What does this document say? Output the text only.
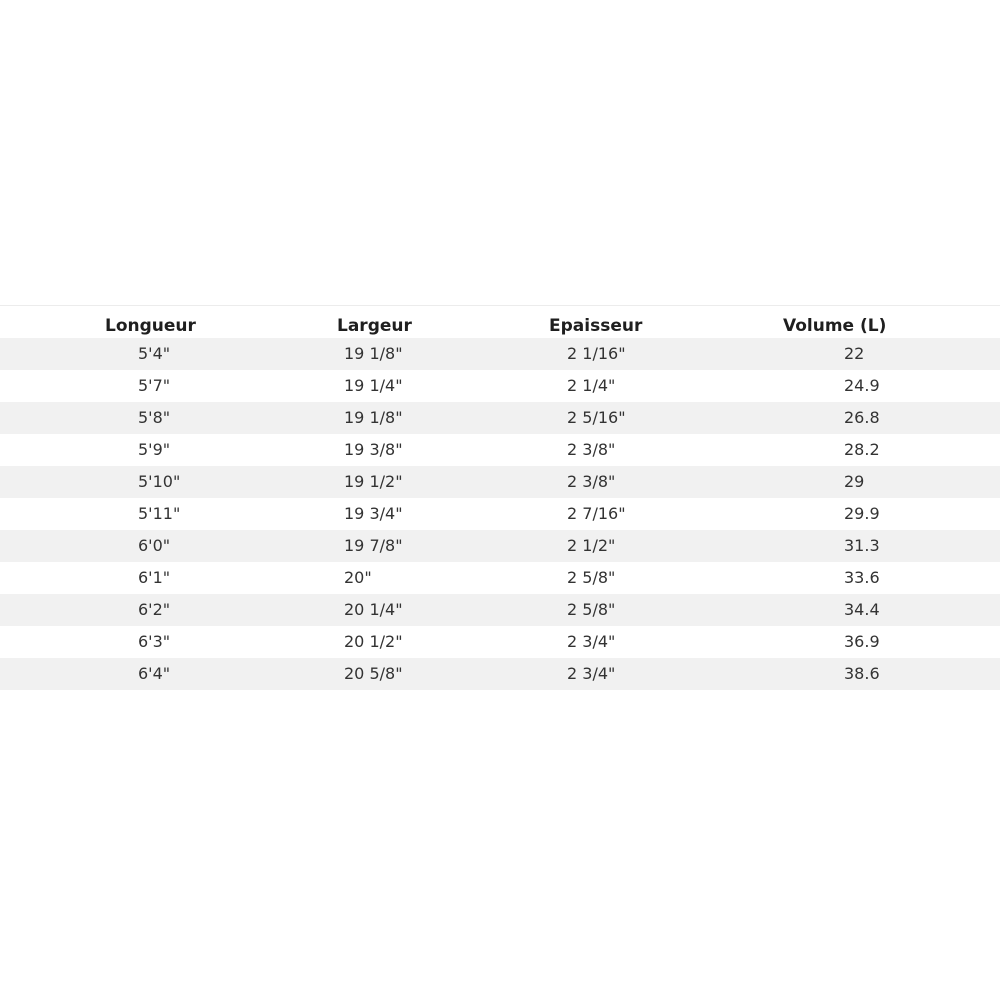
Longueur	Largeur	Epaisseur	Volume (L)
5'4"	19 1/8"	2 1/16"	22
5'7"	19 1/4"	2 1/4"	24.9
5'8"	19 1/8"	2 5/16"	26.8
5'9"	19 3/8"	2 3/8"	28.2
5'10"	19 1/2"	2 3/8"	29
5'11"	19 3/4"	2 7/16"	29.9
6'0"	19 7/8"	2 1/2"	31.3
6'1"	20"	2 5/8"	33.6
6'2"	20 1/4"	2 5/8"	34.4
6'3"	20 1/2"	2 3/4"	36.9
6'4"	20 5/8"	2 3/4"	38.6
